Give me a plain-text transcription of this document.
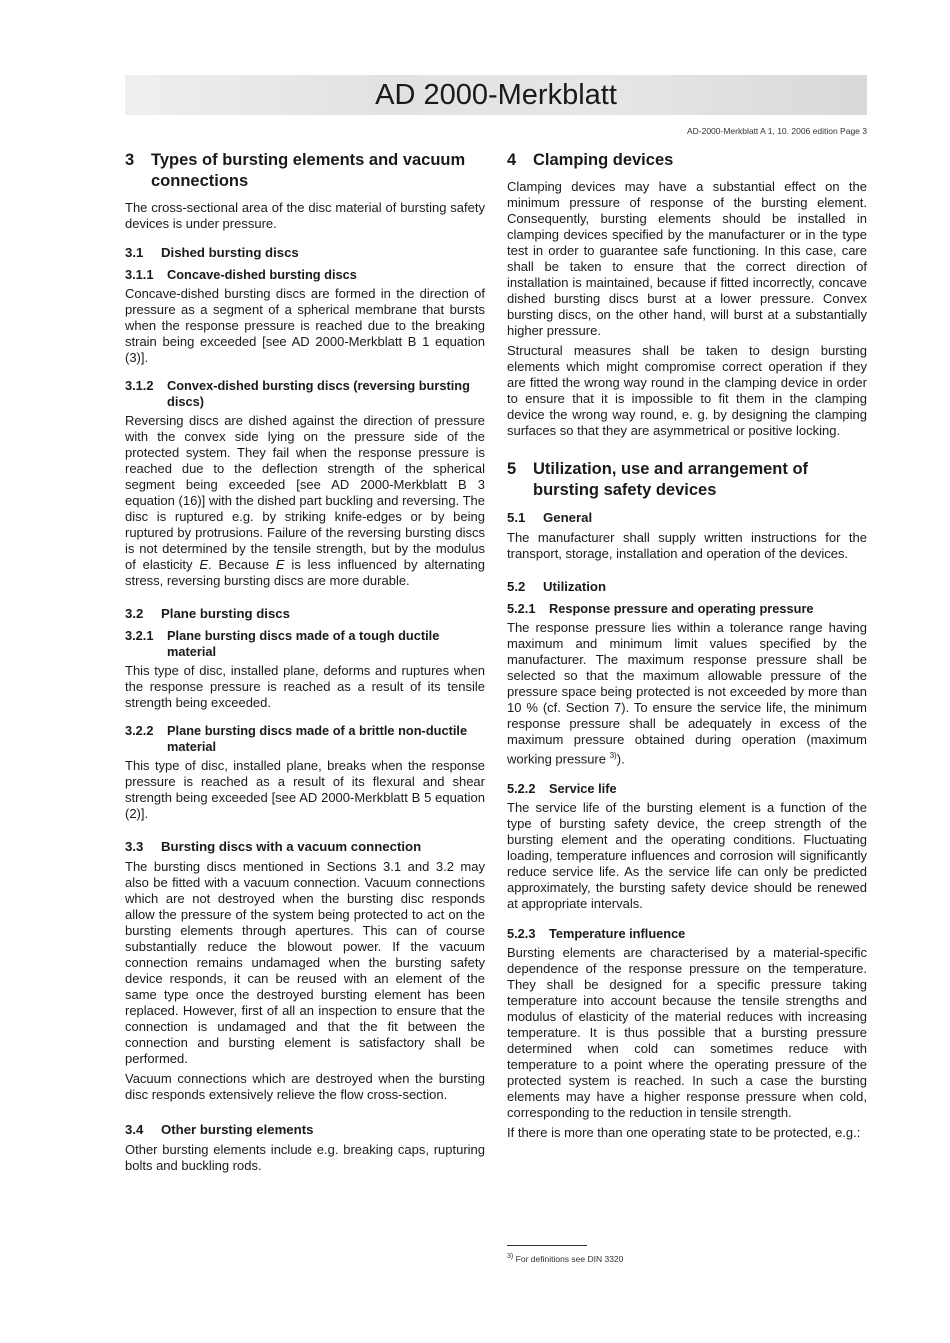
AD 2000-Merkblatt
AD-2000-Merkblatt A 1, 10. 2006 edition Page 3
3	Types of bursting elements and vacuum connections

The cross-sectional area of the disc material of bursting safety devices is under pressure.

3.1	Dished bursting discs
3.1.1	Concave-dished bursting discs

Concave-dished bursting discs are formed in the direction of pressure as a segment of a spherical membrane that bursts when the response pressure is reached due to the breaking strain being exceeded [see AD 2000-Merkblatt B 1 equation (3)].

3.1.2	Convex-dished bursting discs (reversing bursting discs)

Reversing discs are dished against the direction of pressure with the convex side lying on the pressure side of the protected system. They fail when the response pressure is reached due to the deflection strength of the spherical segment being exceeded [see AD 2000-Merkblatt B 3 equation (16)] with the dished part buckling and reversing. The disc is ruptured e.g. by striking knife-edges or by being ruptured by protrusions. Failure of the reversing bursting discs is not determined by the tensile strength, but by the modulus of elasticity E. Because E is less influenced by alternating stress, reversing bursting discs are more durable.

3.2	Plane bursting discs
3.2.1	Plane bursting discs made of a tough ductile material

This type of disc, installed plane, deforms and ruptures when the response pressure is reached as a result of its tensile strength being exceeded.

3.2.2	Plane bursting discs made of a brittle non-ductile material

This type of disc, installed plane, breaks when the response pressure is reached as a result of its flexural and shear strength being exceeded [see AD 2000-Merkblatt B 5 equation (2)].

3.3	Bursting discs with a vacuum connection

The bursting discs mentioned in Sections 3.1 and 3.2 may also be fitted with a vacuum connection. Vacuum connections which are not destroyed when the bursting disc responds allow the pressure of the system being protected to act on the bursting elements through apertures. This can of course substantially reduce the blowout power. If the vacuum connection remains undamaged when the bursting safety device responds, it can be reused with an element of the same type once the destroyed bursting element has been replaced. However, first of all an inspection to ensure that the connection is undamaged and that the fit between the connection and bursting element is satisfactory shall be performed.

Vacuum connections which are destroyed when the bursting disc responds extensively relieve the flow cross-section.

3.4	Other bursting elements

Other bursting elements include e.g. breaking caps, rupturing bolts and buckling rods.

4	Clamping devices

Clamping devices may have a substantial effect on the minimum pressure of response of the bursting element. Consequently, bursting elements should be installed in clamping devices specified by the manufacturer or in the type test in order to guarantee safe functioning. In this case, care shall be taken to ensure that the correct direction of installation is maintained, because if fitted incorrectly, concave dished bursting discs burst at a lower pressure. Convex bursting discs, on the other hand, will burst at a substantially higher pressure.

Structural measures shall be taken to design bursting elements which might compromise correct operation if they are fitted the wrong way round in the clamping device in order to ensure that it is impossible to fit them in the clamping device the wrong way round, e. g. by designing the clamping surfaces so that they are asymmetrical or positive locking.

5	Utilization, use and arrangement of bursting safety devices
5.1	General

The manufacturer shall supply written instructions for the transport, storage, installation and operation of the devices.

5.2	Utilization
5.2.1	Response pressure and operating pressure

The response pressure lies within a tolerance range having maximum and minimum limit values specified by the manufacturer. The maximum response pressure shall be selected so that the maximum allowable pressure of the pressure space being protected is not exceeded by more than 10 % (cf. Section 7). To ensure the service life, the minimum response pressure shall be adequately in excess of the maximum pressure obtained during operation (maximum working pressure $^{3)}$).

5.2.2	Service life

The service life of the bursting element is a function of the type of bursting safety device, the creep strength of the bursting element and the operating conditions. Fluctuating loading, temperature influences and corrosion will significantly reduce service life. As the service life can only be predicted approximately, the bursting safety device should be renewed at appropriate intervals.

5.2.3	Temperature influence

Bursting elements are characterised by a material-specific dependence of the response pressure on the temperature. They shall be designed for a specific pressure taking temperature into account because the tensile strengths and modulus of elasticity of the material reduces with increasing temperature. It is thus possible that a bursting pressure determined when cold can sometimes reduce with temperature to a point where the operating pressure of the protected system is reached. In such a case the bursting elements may have a higher response pressure when cold, corresponding to the reduction in tensile strength.

If there is more than one operating state to be protected, e.g.:

$^{3)}$ For definitions see DIN 3320
